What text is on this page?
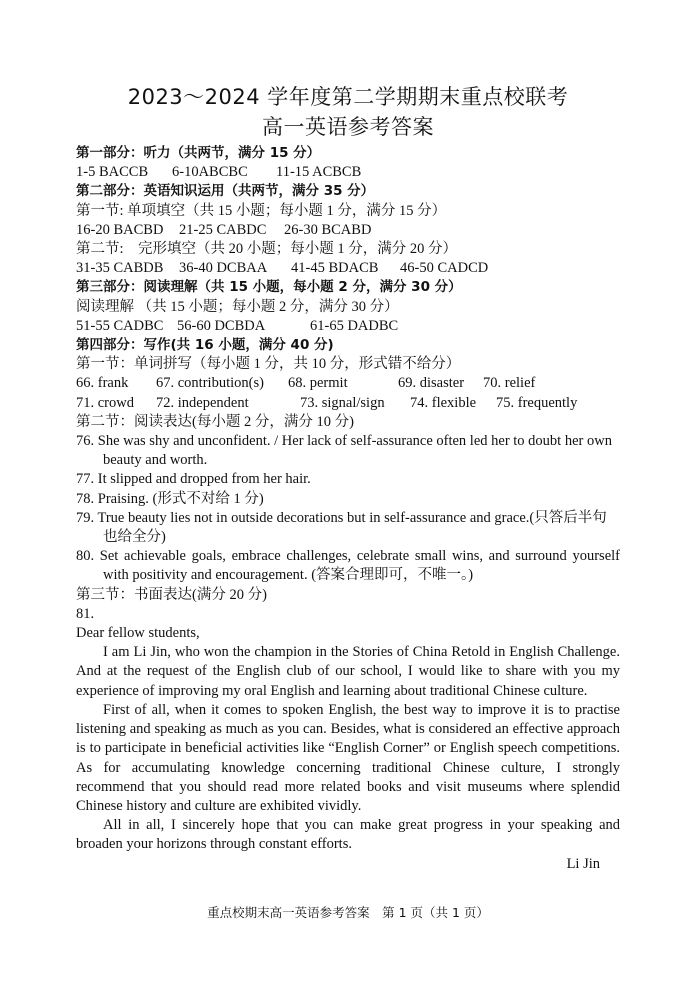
2023～2024 学年度第二学期期末重点校联考

高一英语参考答案

第一部分：听力（共两节，满分 15 分）

1-5 BACCB 6-10ABCBC 11-15 ACBCB

第二部分：英语知识运用（共两节，满分 35 分）

第一节: 单项填空（共 15 小题；每小题 1 分，满分 15 分）

16-20 BACBD 21-25 CABDC 26-30 BCABD

第二节:　完形填空（共 20 小题；每小题 1 分，满分 20 分）

31-35 CABDB 36-40 DCBAA 41-45 BDACB 46-50 CADCD

第三部分：阅读理解（共 15 小题，每小题 2 分，满分 30 分）

阅读理解 （共 15 小题；每小题 2 分，满分 30 分）

51-55 CADBC 56-60 DCBDA	61-65 DADBC

第四部分：写作(共 16 小题，满分 40 分)

第一节：单词拼写（每小题 1 分，共 10 分，形式错不给分）

66. frank 67. contribution(s) 68. permit	69. disaster 70. relief

71. crowd 72. independent	73. signal/sign 74. flexible 75. frequently

第二节：阅读表达(每小题 2 分，满分 10 分)

76. She was shy and unconfident. / Her lack of self-assurance often led her to doubt her own beauty and worth.

77. It slipped and dropped from her hair.

78. Praising. (形式不对给 1 分)

79. True beauty lies not in outside decorations but in self-assurance and grace.(只答后半句也给全分)

80. Set achievable goals, embrace challenges, celebrate small wins, and surround yourself with positivity and encouragement. (答案合理即可，不唯一。)

第三节：书面表达(满分 20 分)

81.

Dear fellow students,

I am Li Jin, who won the champion in the Stories of China Retold in English Challenge. And at the request of the English club of our school, I would like to share with you my experience of improving my oral English and learning about traditional Chinese culture.

First of all, when it comes to spoken English, the best way to improve it is to practise listening and speaking as much as you can. Besides, what is considered an effective approach is to participate in beneficial activities like “English Corner” or English speech competitions. As for accumulating knowledge concerning traditional Chinese culture, I strongly recommend that you should read more related books and visit museums where splendid Chinese history and culture are exhibited vividly.

All in all, I sincerely hope that you can make great progress in your speaking and broaden your horizons through constant efforts.

Li Jin

重点校期末高一英语参考答案　第 1 页（共 1 页）
